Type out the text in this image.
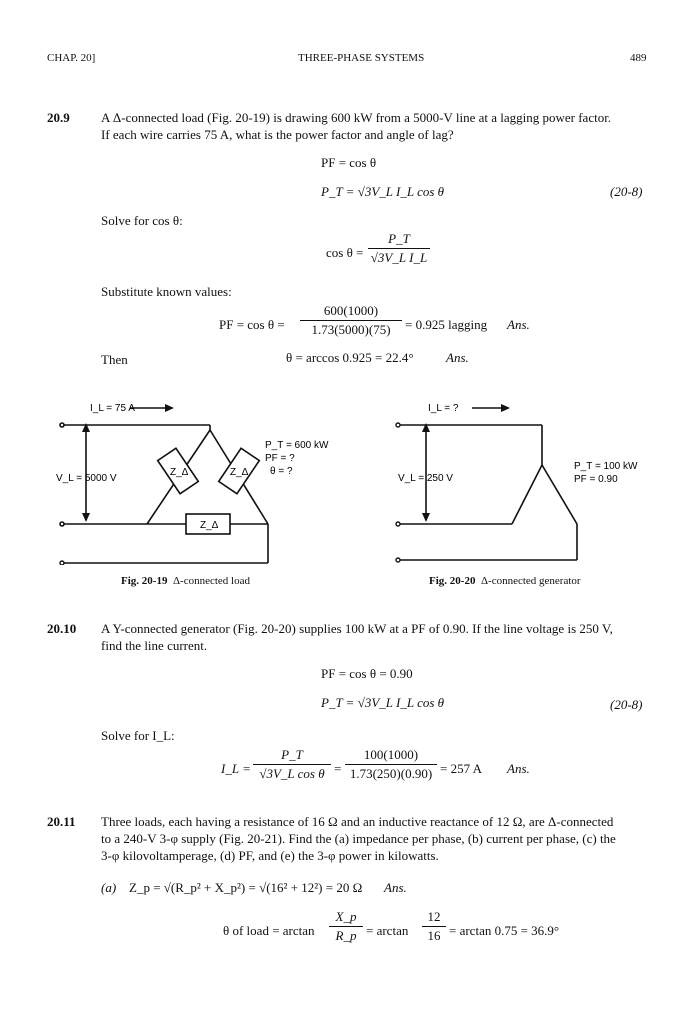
CHAP. 20]	THREE-PHASE SYSTEMS	489
20.9 A Δ-connected load (Fig. 20-19) is drawing 600 kW from a 5000-V line at a lagging power factor.
If each wire carries 75 A, what is the power factor and angle of lag?
PF = cos θ
P_T = √3V_L I_L cos θ	(20-8)
Solve for cos θ:
$\cos \theta = \frac{P\_T}{\text{√3V\_L I\_L}}$
Substitute known values:
PF = $\cos \theta = \frac{600(1000)}{1.73(5000)(75)} = 0.925$ lagging Ans.
Then	θ = arccos 0.925 = 22.4° Ans.
I_L = 75 A
V_L = 5000 V
P_T = 600 kW
PF = ?
θ = ?
Z_Δ
Z_Δ	Z_Δ
Fig. 20-19 Δ-connected load
I_L = ?
V_L = 250 V
P_T = 100 kW
PF = 0.90
Fig. 20-20 Δ-connected generator
20.10 A Y-connected generator (Fig. 20-20) supplies 100 kW at a PF of 0.90. If the line voltage is 250 V,
find the line current.
PF = cos θ = 0.90
P_T = √3V_L I_L cos θ	(20-8)
Solve for I_L:
I_L = $\frac{P\_T}{\text{√3V\_L cos θ}} = \frac{100(1000)}{1.73(250)(0.90)} = 257$ A Ans.
20.11 Three loads, each having a resistance of 16 Ω and an inductive reactance of 12 Ω, are Δ-connected
to a 240-V 3-φ supply (Fig. 20-21). Find the (a) impedance per phase, (b) current per phase, (c) the
3-φ kilovoltamperage, (d) PF, and (e) the 3-φ power in kilowatts.
(a) Z_p = √(R_p² + X_p²) = √(16² + 12²) = 20 Ω Ans.
θ of load = $\arctan \frac{X\_p}{R\_p} = \arctan \frac{12}{16} = \arctan 0.75 = 36.9^\circ$
